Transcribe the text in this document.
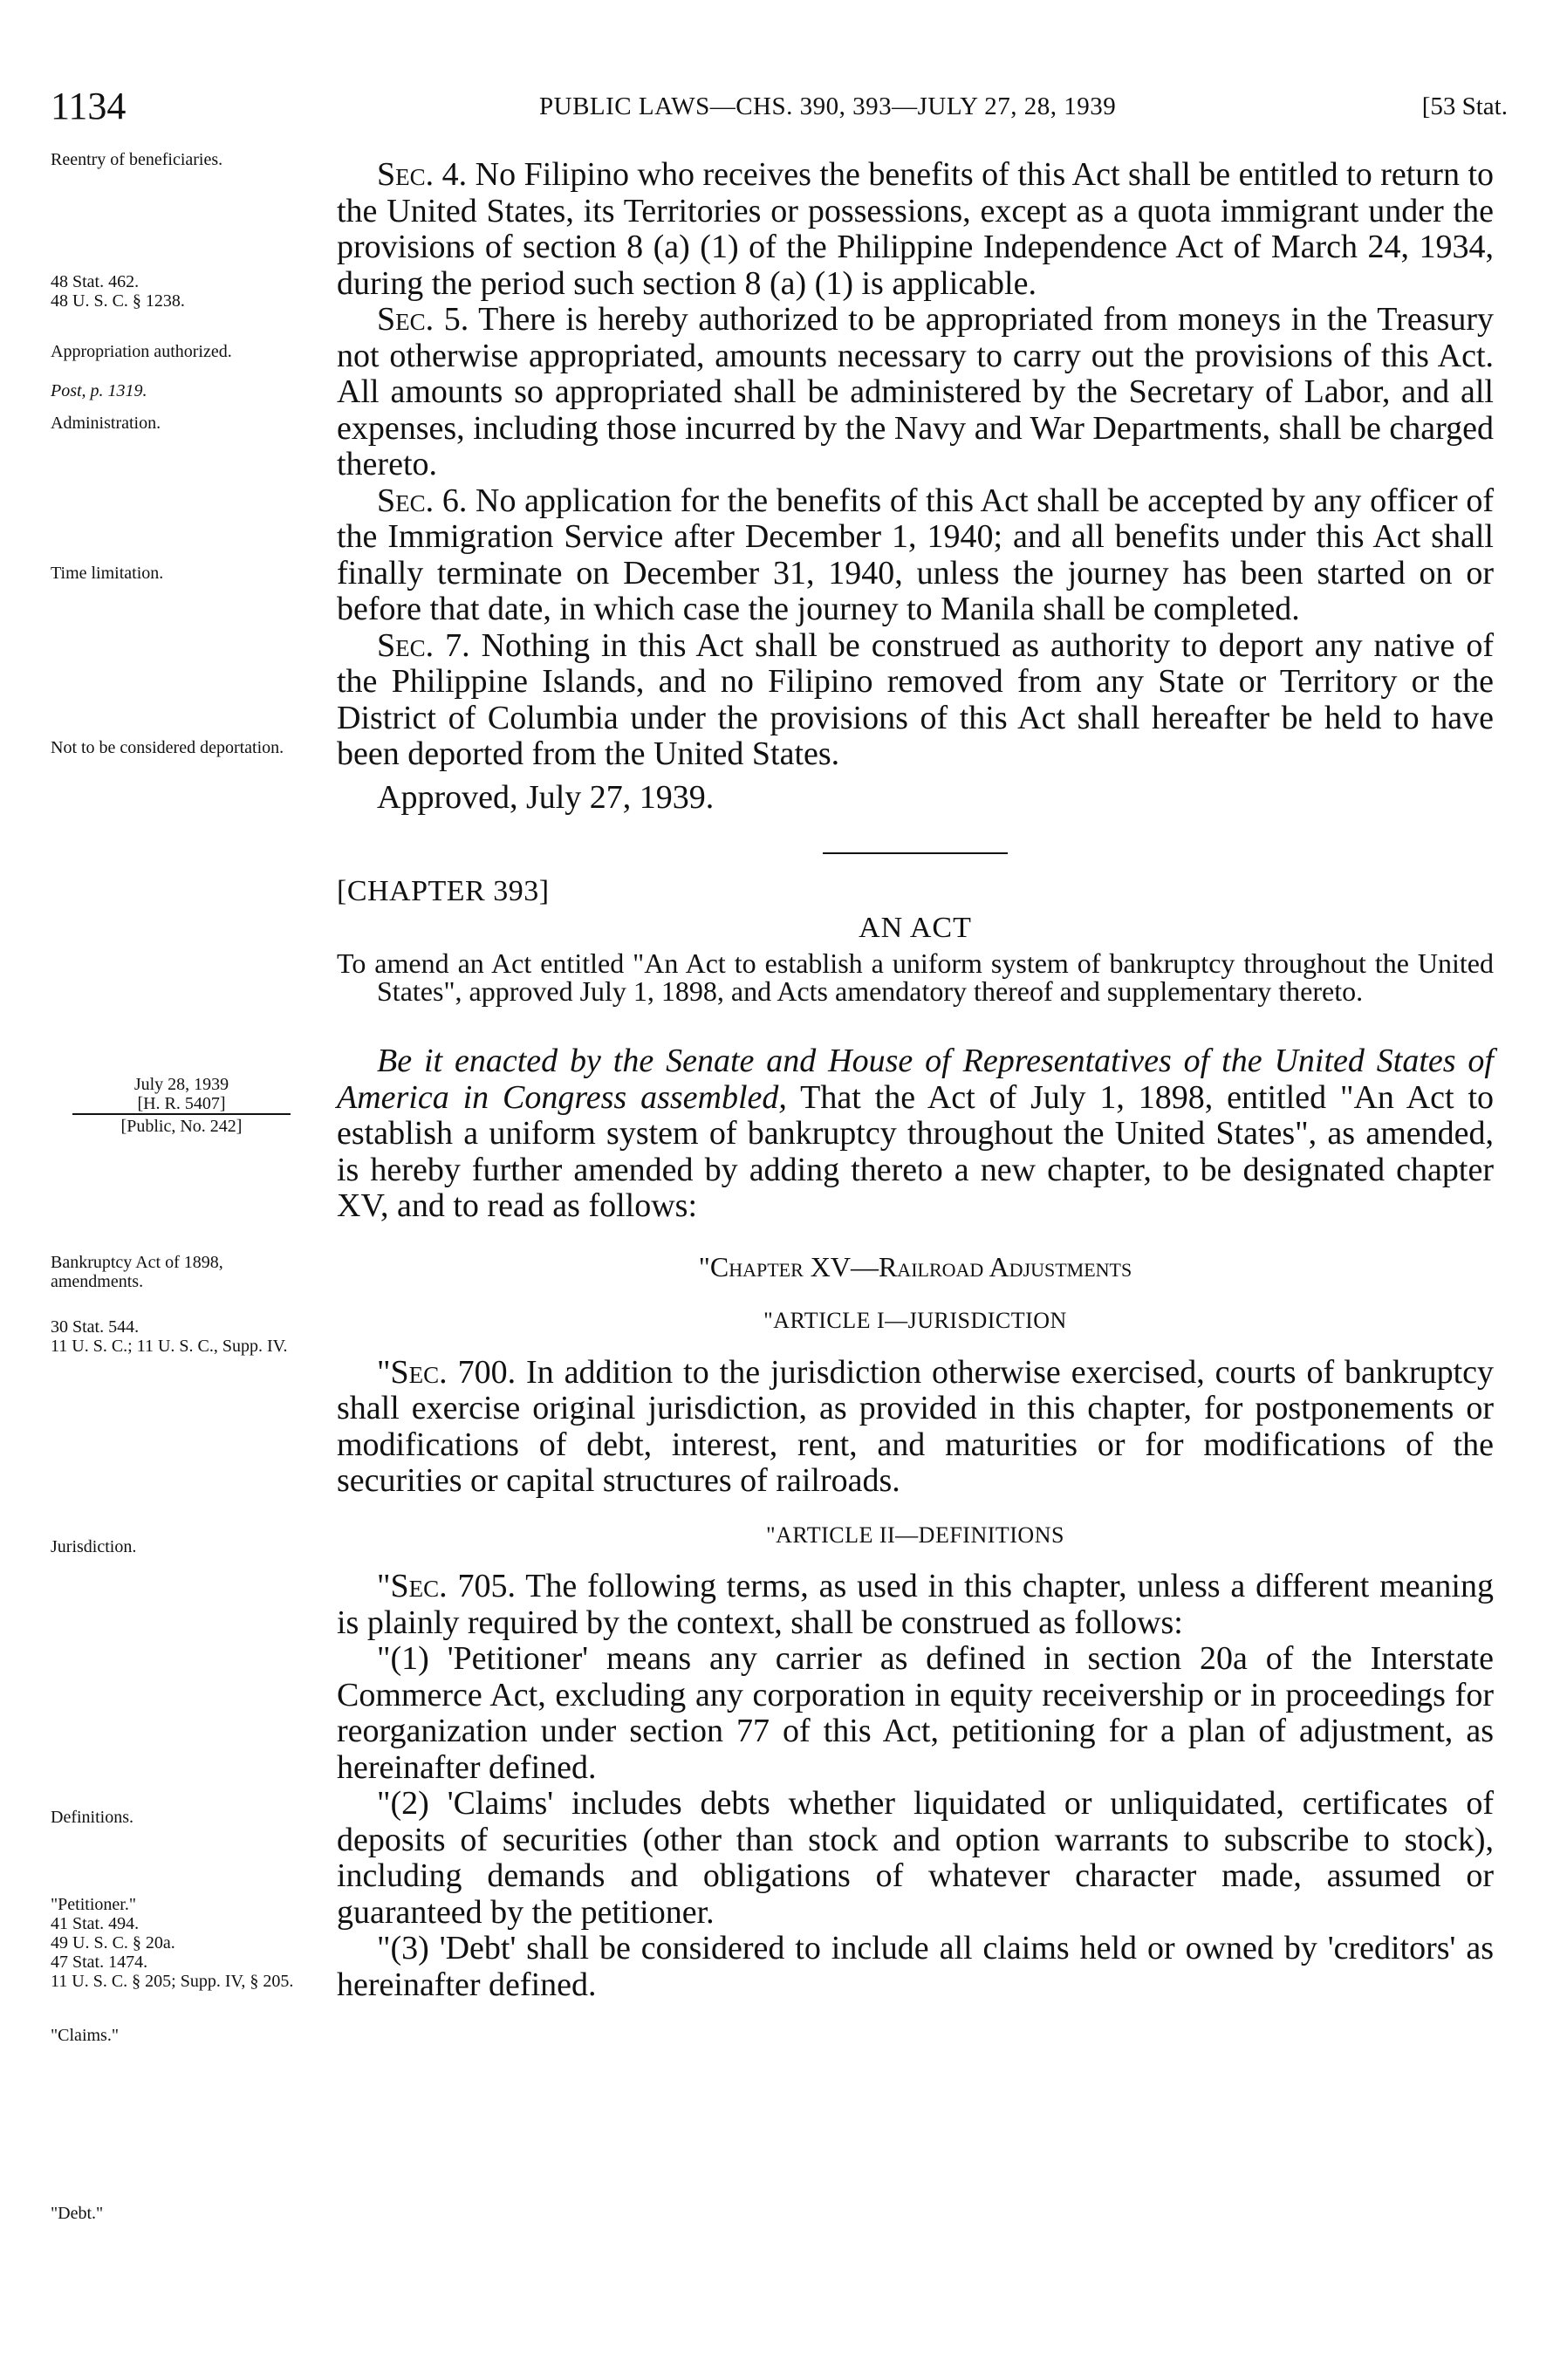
1134	PUBLIC LAWS—CHS. 390, 393—JULY 27, 28, 1939	[53 Stat.

Reentry of beneficiaries.

48 Stat. 462.

48 U. S. C. § 1238.

Appropriation authorized.

Post, p. 1319.

Administration.

Time limitation.

Not to be considered deportation.

July 28, 1939
[H. R. 5407]
[Public, No. 242]

Bankruptcy Act of 1898, amendments.

30 Stat. 544.

11 U. S. C.; 11 U. S. C., Supp. IV.

Jurisdiction.

Definitions.

"Petitioner."

41 Stat. 494.

49 U. S. C. § 20a.

47 Stat. 1474.

11 U. S. C. § 205; Supp. IV, § 205.

"Claims."

"Debt."

Sec. 4. No Filipino who receives the benefits of this Act shall be entitled to return to the United States, its Territories or possessions, except as a quota immigrant under the provisions of section 8 (a) (1) of the Philippine Independence Act of March 24, 1934, during the period such section 8 (a) (1) is applicable.

Sec. 5. There is hereby authorized to be appropriated from moneys in the Treasury not otherwise appropriated, amounts necessary to carry out the provisions of this Act. All amounts so appropriated shall be administered by the Secretary of Labor, and all expenses, including those incurred by the Navy and War Departments, shall be charged thereto.

Sec. 6. No application for the benefits of this Act shall be accepted by any officer of the Immigration Service after December 1, 1940; and all benefits under this Act shall finally terminate on December 31, 1940, unless the journey has been started on or before that date, in which case the journey to Manila shall be completed.

Sec. 7. Nothing in this Act shall be construed as authority to deport any native of the Philippine Islands, and no Filipino removed from any State or Territory or the District of Columbia under the provisions of this Act shall hereafter be held to have been deported from the United States.

Approved, July 27, 1939.

[CHAPTER 393]

AN ACT

To amend an Act entitled "An Act to establish a uniform system of bankruptcy throughout the United States", approved July 1, 1898, and Acts amendatory thereof and supplementary thereto.

Be it enacted by the Senate and House of Representatives of the United States of America in Congress assembled, That the Act of July 1, 1898, entitled "An Act to establish a uniform system of bankruptcy throughout the United States", as amended, is hereby further amended by adding thereto a new chapter, to be designated chapter XV, and to read as follows:

"Chapter XV—Railroad Adjustments

"ARTICLE I—JURISDICTION

"Sec. 700. In addition to the jurisdiction otherwise exercised, courts of bankruptcy shall exercise original jurisdiction, as provided in this chapter, for postponements or modifications of debt, interest, rent, and maturities or for modifications of the securities or capital structures of railroads.

"ARTICLE II—DEFINITIONS

"Sec. 705. The following terms, as used in this chapter, unless a different meaning is plainly required by the context, shall be construed as follows:

"(1) 'Petitioner' means any carrier as defined in section 20a of the Interstate Commerce Act, excluding any corporation in equity receivership or in proceedings for reorganization under section 77 of this Act, petitioning for a plan of adjustment, as hereinafter defined.

"(2) 'Claims' includes debts whether liquidated or unliquidated, certificates of deposits of securities (other than stock and option warrants to subscribe to stock), including demands and obligations of whatever character made, assumed or guaranteed by the petitioner.

"(3) 'Debt' shall be considered to include all claims held or owned by 'creditors' as hereinafter defined.
